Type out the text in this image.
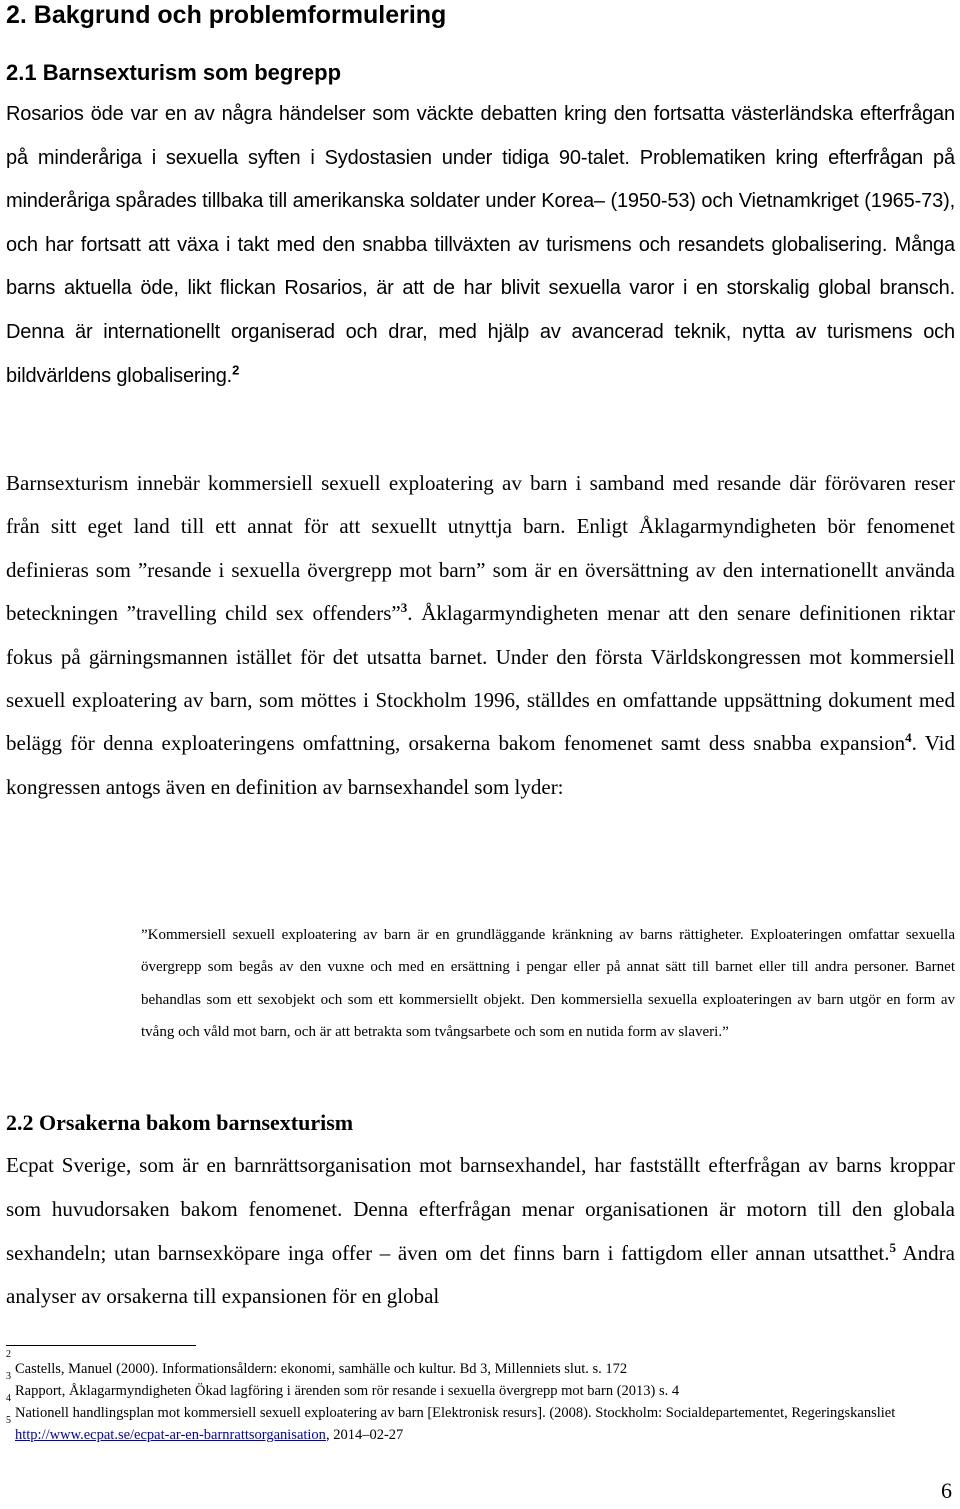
2. Bakgrund och problemformulering
2.1 Barnsexturism som begrepp
Rosarios öde var en av några händelser som väckte debatten kring den fortsatta västerländska efterfrågan på minderåriga i sexuella syften i Sydostasien under tidiga 90-talet. Problematiken kring efterfrågan på minderåriga spårades tillbaka till amerikanska soldater under Korea– (1950-53) och Vietnamkriget (1965-73), och har fortsatt att växa i takt med den snabba tillväxten av turismens och resandets globalisering. Många barns aktuella öde, likt flickan Rosarios, är att de har blivit sexuella varor i en storskalig global bransch. Denna är internationellt organiserad och drar, med hjälp av avancerad teknik, nytta av turismens och bildvärldens globalisering.$^2$
Barnsexturism innebär kommersiell sexuell exploatering av barn i samband med resande där förövaren reser från sitt eget land till ett annat för att sexuellt utnyttja barn. Enligt Åklagarmyndigheten bör fenomenet definieras som ”resande i sexuella övergrepp mot barn” som är en översättning av den internationellt använda beteckningen ”travelling child sex offenders”$^3$. Åklagarmyndigheten menar att den senare definitionen riktar fokus på gärningsmannen istället för det utsatta barnet. Under den första Världskongressen mot kommersiell sexuell exploatering av barn, som möttes i Stockholm 1996, ställdes en omfattande uppsättning dokument med belägg för denna exploateringens omfattning, orsakerna bakom fenomenet samt dess snabba expansion$^4$. Vid kongressen antogs även en definition av barnsexhandel som lyder:
”Kommersiell sexuell exploatering av barn är en grundläggande kränkning av barns rättigheter. Exploateringen omfattar sexuella övergrepp som begås av den vuxne och med en ersättning i pengar eller på annat sätt till barnet eller till andra personer. Barnet behandlas som ett sexobjekt och som ett kommersiellt objekt. Den kommersiella sexuella exploateringen av barn utgör en form av tvång och våld mot barn, och är att betrakta som tvångsarbete och som en nutida form av slaveri.”
2.2 Orsakerna bakom barnsexturism
Ecpat Sverige, som är en barnrättsorganisation mot barnsexhandel, har fastställt efterfrågan av barns kroppar som huvudorsaken bakom fenomenet. Denna efterfrågan menar organisationen är motorn till den globala sexhandeln; utan barnsexköpare inga offer – även om det finns barn i fattigdom eller annan utsatthet.$^5$ Andra analyser av orsakerna till expansionen för en global
$^2$Castells, Manuel (2000). Informationsåldern: ekonomi, samhälle och kultur. Bd 3, Millenniets slut. s. 172
$^3$Rapport, Åklagarmyndigheten Ökad lagföring i ärenden som rör resande i sexuella övergrepp mot barn (2013) s. 4
$^4$Nationell handlingsplan mot kommersiell sexuell exploatering av barn [Elektronisk resurs]. (2008). Stockholm: Socialdepartementet, Regeringskansliet
$^5$http://www.ecpat.se/ecpat-ar-en-barnrattsorganisation, 2014–02-27
6
